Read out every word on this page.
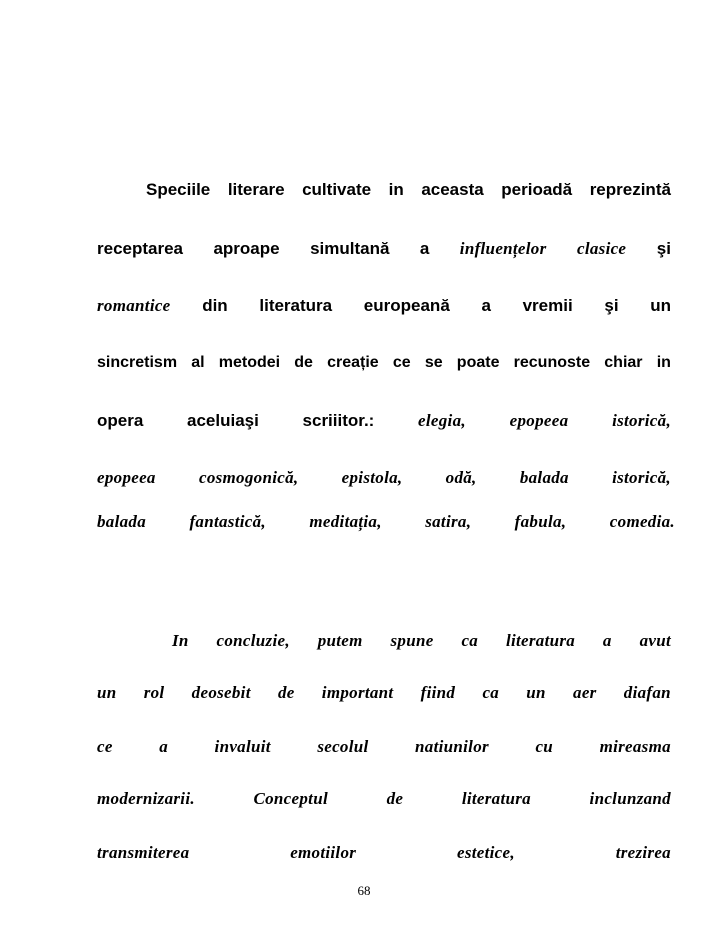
Speciile literare cultivate in aceasta perioadă reprezintă
receptarea aproape simultană a influențelor clasice şi
romantice din literatura europeană a vremii şi un
sincretism al metodei de creație ce se poate recunoste chiar in
opera	aceluiaşi	scriiitor.:	elegia,	epopeea	istorică,
epopeea	cosmogonică,	epistola,	odă,	balada	istorică,
balada	fantastică,	meditația,	satira,	fabula,	comedia.
In concluzie, putem spune ca literatura a avut
un rol deosebit de important fiind ca un aer diafan
ce	a	invaluit	secolul	natiunilor	cu	mireasma
modernizarii.	Conceptul	de	literatura	inclunzand
transmiterea	emotiilor	estetice,	trezirea
68
